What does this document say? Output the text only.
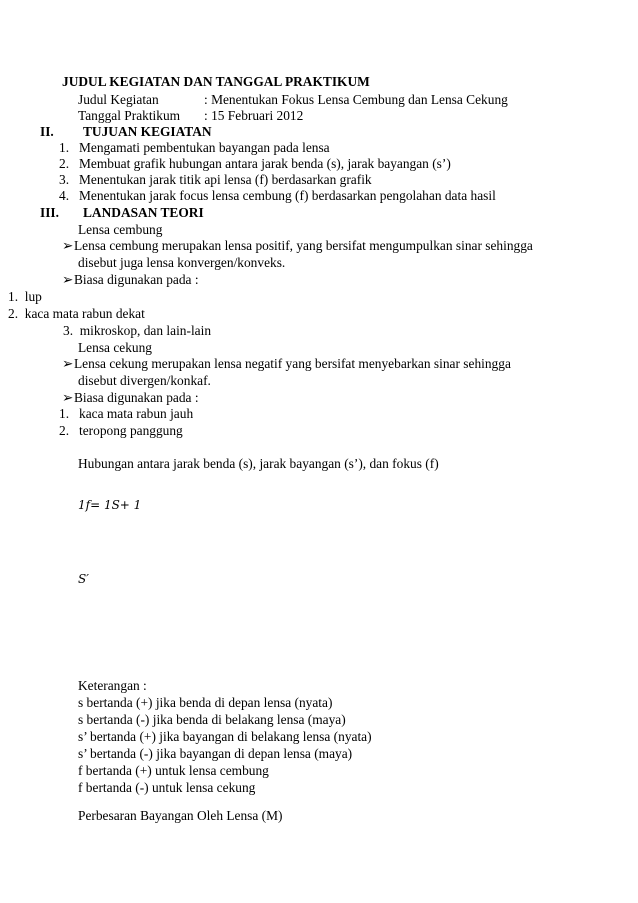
JUDUL KEGIATAN DAN TANGGAL PRAKTIKUM
Judul Kegiatan	: Menentukan Fokus Lensa Cembung dan Lensa Cekung
Tanggal Praktikum : 15 Februari 2012
II. TUJUAN KEGIATAN
1. Mengamati pembentukan bayangan pada lensa
2. Membuat grafik hubungan antara jarak benda (s), jarak bayangan (s’)
3. Menentukan jarak titik api lensa (f) berdasarkan grafik
4. Menentukan jarak focus lensa cembung (f) berdasarkan pengolahan data hasil
III. LANDASAN TEORI
Lensa cembung
➢Lensa cembung merupakan lensa positif, yang bersifat mengumpulkan sinar sehingga
disebut juga lensa konvergen/konveks.
➢Biasa digunakan pada :
1. lup
2. kaca mata rabun dekat
3. mikroskop, dan lain-lain
Lensa cekung
➢Lensa cekung merupakan lensa negatif yang bersifat menyebarkan sinar sehingga
disebut divergen/konkaf.
➢Biasa digunakan pada :
1. kaca mata rabun jauh
2. teropong panggung
Hubungan antara jarak benda (s), jarak bayangan (s’), dan fokus (f)
1f= 1S+ 1
S′
Keterangan :
s bertanda (+) jika benda di depan lensa (nyata)
s bertanda (-) jika benda di belakang lensa (maya)
s’ bertanda (+) jika bayangan di belakang lensa (nyata)
s’ bertanda (-) jika bayangan di depan lensa (maya)
f bertanda (+) untuk lensa cembung
f bertanda (-) untuk lensa cekung
Perbesaran Bayangan Oleh Lensa (M)
